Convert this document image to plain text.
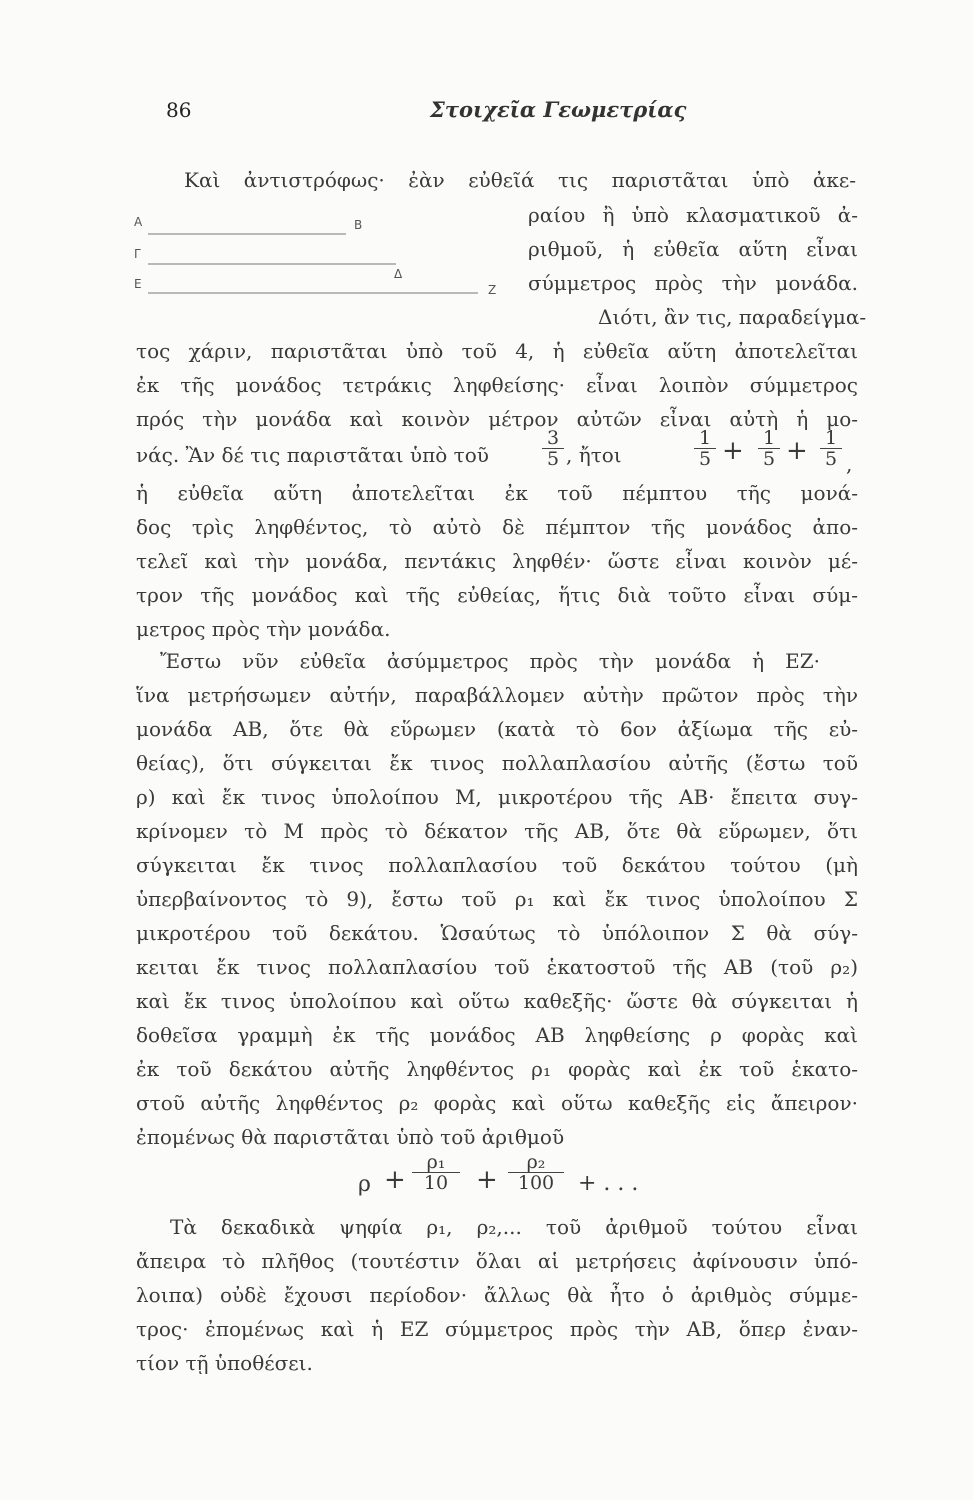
86	Στοιχεῖα Γεωμετρίας
Α	Β
Γ
Δ
Ε	Ζ
Καὶ ἀντιστρόφως· ἐὰν εὐθεῖά τις παριστᾶται ὑπὸ ἀκε-
ραίου ἢ ὑπὸ κλασματικοῦ ἀ-
ριθμοῦ, ἡ εὐθεῖα αὕτη εἶναι
σύμμετρος πρὸς τὴν μονάδα.
Διότι, ἂν τις, παραδείγμα-
τος χάριν, παριστᾶται ὑπὸ τοῦ 4, ἡ εὐθεῖα αὕτη ἀποτελεῖται
ἐκ τῆς μονάδος τετράκις ληφθείσης· εἶναι λοιπὸν σύμμετρος
πρός τὴν μονάδα καὶ κοινὸν μέτρον αὐτῶν εἶναι αὐτὴ ἡ μο-
νάς. Ἂν δέ τις παριστᾶται ὑπὸ τοῦ	$\frac{3}{5}$ , ἤτοι	$\frac{1}{5} + \frac{1}{5} + \frac{1}{5}$ ,
ἡ εὐθεῖα αὕτη ἀποτελεῖται ἐκ τοῦ πέμπτου τῆς μονά-
δος τρὶς ληφθέντος, τὸ αὐτὸ δὲ πέμπτον τῆς μονάδος ἀπο-
τελεῖ καὶ τὴν μονάδα, πεντάκις ληφθέν· ὥστε εἶναι κοινὸν μέ-
τρον τῆς μονάδος καὶ τῆς εὐθείας, ἥτις διὰ τοῦτο εἶναι σύμ-
μετρος πρὸς τὴν μονάδα.
Ἔστω νῦν εὐθεῖα ἀσύμμετρος πρὸς τὴν μονάδα ἡ ΕΖ·
ἵνα μετρήσωμεν αὐτήν, παραβάλλομεν αὐτὴν πρῶτον πρὸς τὴν
μονάδα ΑΒ, ὅτε θὰ εὕρωμεν (κατὰ τὸ 6ον ἀξίωμα τῆς εὐ-
θείας), ὅτι σύγκειται ἔκ τινος πολλαπλασίου αὐτῆς (ἔστω τοῦ
ρ) καὶ ἔκ τινος ὑπολοίπου Μ, μικροτέρου τῆς ΑΒ· ἔπειτα συγ-
κρίνομεν τὸ Μ πρὸς τὸ δέκατον τῆς ΑΒ, ὅτε θὰ εὕρωμεν, ὅτι
σύγκειται ἔκ τινος πολλαπλασίου τοῦ δεκάτου τούτου (μὴ
ὑπερβαίνοντος τὸ 9), ἔστω τοῦ ρ₁ καὶ ἔκ τινος ὑπολοίπου Σ
μικροτέρου τοῦ δεκάτου. Ὡσαύτως τὸ ὑπόλοιπον Σ θὰ σύγ-
κειται ἔκ τινος πολλαπλασίου τοῦ ἑκατοστοῦ τῆς ΑΒ (τοῦ ρ₂)
καὶ ἔκ τινος ὑπολοίπου καὶ οὕτω καθεξῆς· ὥστε θὰ σύγκειται ἡ
δοθεῖσα γραμμὴ ἐκ τῆς μονάδος ΑΒ ληφθείσης ρ φορὰς καὶ
ἐκ τοῦ δεκάτου αὐτῆς ληφθέντος ρ₁ φορὰς καὶ ἐκ τοῦ ἑκατο-
στοῦ αὐτῆς ληφθέντος ρ₂ φορὰς καὶ οὕτω καθεξῆς εἰς ἄπειρον·
ἐπομένως θὰ παριστᾶται ὑπὸ τοῦ ἀριθμοῦ
$\rho + \frac{\text{ρ₁}}{10} + \frac{\text{ρ₂}}{100}$ + . . .
Τὰ δεκαδικὰ ψηφία ρ₁, ρ₂,... τοῦ ἀριθμοῦ τούτου εἶναι
ἄπειρα τὸ πλῆθος (τουτέστιν ὅλαι αἱ μετρήσεις ἀφίνουσιν ὑπό-
λοιπα) οὐδὲ ἔχουσι περίοδον· ἄλλως θὰ ἦτο ὁ ἀριθμὸς σύμμε-
τρος· ἐπομένως καὶ ἡ ΕΖ σύμμετρος πρὸς τὴν ΑΒ, ὅπερ ἐναν-
τίον τῇ ὑποθέσει.
